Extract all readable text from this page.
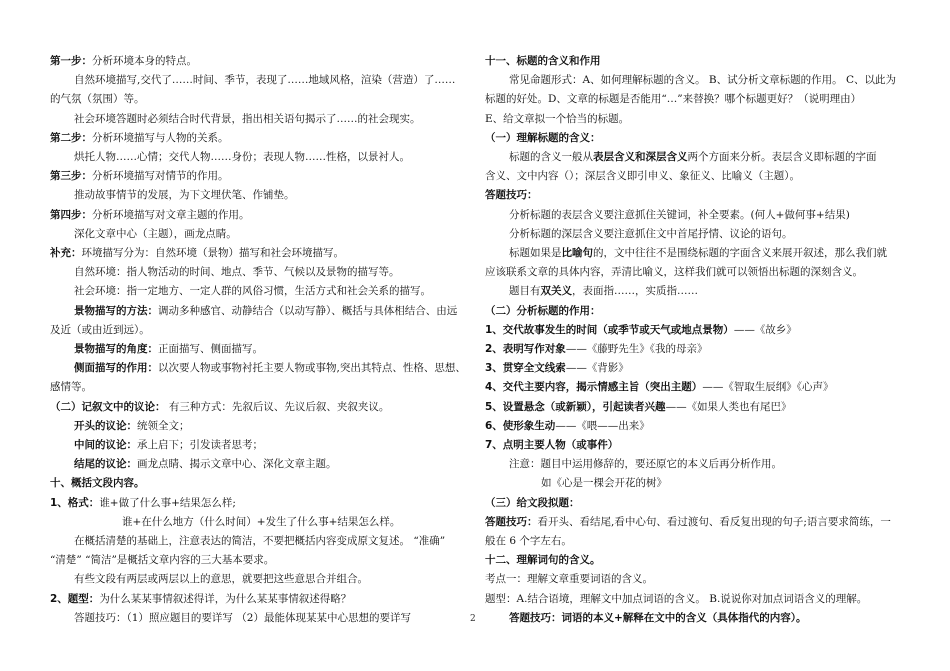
第一步：分析环境本身的特点。
自然环境描写,交代了……时间、季节，表现了……地域风格，渲染（营造）了……
的气氛（氛围）等。
社会环境答题时必须结合时代背景，指出相关语句揭示了……的社会现实。
第二步：分析环境描写与人物的关系。
烘托人物……心情；交代人物……身份；表现人物……性格，以景衬人。
第三步：分析环境描写对情节的作用。
推动故事情节的发展，为下文埋伏笔、作铺垫。
第四步：分析环境描写对文章主题的作用。
深化文章中心（主题），画龙点睛。
补充：环境描写分为：自然环境（景物）描写和社会环境描写。
自然环境：指人物活动的时间、地点、季节、气候以及景物的描写等。
社会环境：指一定地方、一定人群的风俗习惯，生活方式和社会关系的描写。
景物描写的方法：调动多种感官、动静结合（以动写静）、概括与具体相结合、由远
及近（或由近到远）。
景物描写的角度：正面描写、侧面描写。
侧面描写的作用：以次要人物或事物衬托主要人物或事物,突出其特点、性格、思想、
感情等。
（二）记叙文中的议论： 有三种方式：先叙后议、先议后叙、夹叙夹议。
开头的议论：统领全文；
中间的议论：承上启下；引发读者思考；
结尾的议论：画龙点睛、揭示文章中心、深化文章主题。
十、概括文段内容。
1、格式：谁+做了什么事+结果怎么样;
谁+在什么地方（什么时间）+发生了什么事+结果怎么样。
在概括清楚的基础上，注意表达的简洁，不要把概括内容变成原文复述。 “准确”
“清楚” “简洁”是概括文章内容的三大基本要求。
有些文段有两层或两层以上的意思，就要把这些意思合并组合。
2、题型：为什么某某事情叙述得详，为什么某某事情叙述得略？
答题技巧：（1）照应题目的要详写 （2）最能体现某某中心思想的要详写
十一、标题的含义和作用
常见命题形式：A、如何理解标题的含义。 B、试分析文章标题的作用。 C、以此为
标题的好处。D、文章的标题是否能用“…”来替换？哪个标题更好？（说明理由）
E、给文章拟一个恰当的标题。
（一）理解标题的含义：
标题的含义一般从表层含义和深层含义两个方面来分析。表层含义即标题的字面
含义、文中内容（）；深层含义即引申义、象征义、比喻义（主题）。
答题技巧：
分析标题的表层含义要注意抓住关键词，补全要素。(何人+做何事+结果)
分析标题的深层含义要注意抓住文中首尾抒情、议论的语句。
标题如果是比喻句的，文中往往不是围绕标题的字面含义来展开叙述，那么我们就
应该联系文章的具体内容，弄清比喻义，这样我们就可以领悟出标题的深刻含义。
题目有双关义，表面指……，实质指……
（二）分析标题的作用：
1、交代故事发生的时间（或季节或天气或地点景物）——《故乡》
2、表明写作对象——《藤野先生》《我的母亲》
3、贯穿全文线索——《背影》
4、交代主要内容，揭示情感主旨（突出主题）——《智取生辰纲》《心声》
5、设置悬念（或新颖），引起读者兴趣——《如果人类也有尾巴》
6、使形象生动——《喂——出来》
7、点明主要人物（或事件）
注意：题目中运用修辞的，要还原它的本义后再分析作用。
如《心是一棵会开花的树》
（三）给文段拟题：
答题技巧：看开头、看结尾,看中心句、看过渡句、看反复出现的句子;语言要求简练，一
般在 6 个字左右。
十二、理解词句的含义。
考点一：理解文章重要词语的含义。
题型：A.结合语境，理解文中加点词语的含义。 B.说说你对加点词语含义的理解。
答题技巧：词语的本义+解释在文中的含义（具体指代的内容）。
2
